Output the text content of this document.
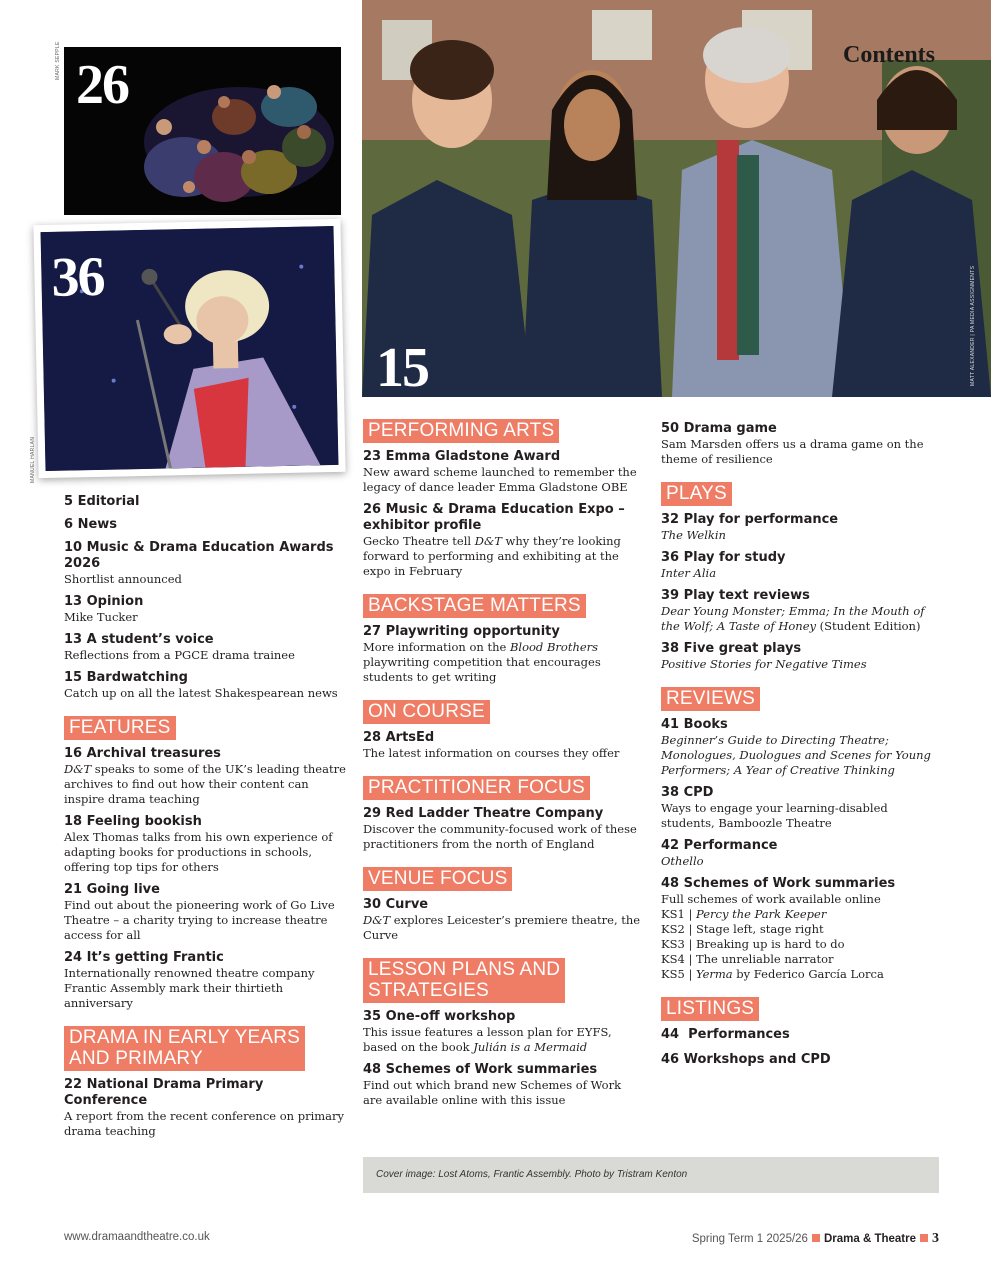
26
MARK SEPPLE
36
MANUEL HARLAN
Contents
15	MATT ALEXANDER | PA MEDIA ASSIGNMENTS
5 Editorial
6 News
10 Music & Drama Education Awards 2026
Shortlist announced
13 Opinion
Mike Tucker
13 A student’s voice
Reflections from a PGCE drama trainee
15 Bardwatching
Catch up on all the latest Shakespearean news
FEATURES
16 Archival treasures
D&T speaks to some of the UK’s leading theatre archives to find out how their content can inspire drama teaching
18 Feeling bookish
Alex Thomas talks from his own experience of adapting books for productions in schools, offering top tips for others
21 Going live
Find out about the pioneering work of Go Live Theatre – a charity trying to increase theatre access for all
24 It’s getting Frantic
Internationally renowned theatre company Frantic Assembly mark their thirtieth anniversary
DRAMA IN EARLY YEARS
AND PRIMARY
22 National Drama Primary Conference
A report from the recent conference on primary drama teaching
PERFORMING ARTS
23 Emma Gladstone Award
New award scheme launched to remember the legacy of dance leader Emma Gladstone OBE
26 Music & Drama Education Expo – exhibitor profile
Gecko Theatre tell D&T why they’re looking forward to performing and exhibiting at the expo in February
BACKSTAGE MATTERS
27 Playwriting opportunity
More information on the Blood Brothers playwriting competition that encourages students to get writing
ON COURSE
28 ArtsEd
The latest information on courses they offer
PRACTITIONER FOCUS
29 Red Ladder Theatre Company
Discover the community-focused work of these practitioners from the north of England
VENUE FOCUS
30 Curve
D&T explores Leicester’s premiere theatre, the Curve
LESSON PLANS AND
STRATEGIES
35 One-off workshop
This issue features a lesson plan for EYFS, based on the book Julián is a Mermaid
48 Schemes of Work summaries
Find out which brand new Schemes of Work are available online with this issue
50 Drama game
Sam Marsden offers us a drama game on the theme of resilience
PLAYS
32 Play for performance
The Welkin
36 Play for study
Inter Alia
39 Play text reviews
Dear Young Monster; Emma; In the Mouth of the Wolf; A Taste of Honey (Student Edition)
38 Five great plays
Positive Stories for Negative Times
REVIEWS
41 Books
Beginner’s Guide to Directing Theatre; Monologues, Duologues and Scenes for Young Performers; A Year of Creative Thinking
38 CPD
Ways to engage your learning-disabled students, Bamboozle Theatre
42 Performance
Othello
48 Schemes of Work summaries
Full schemes of work available online
KS1 | Percy the Park Keeper
KS2 | Stage left, stage right
KS3 | Breaking up is hard to do
KS4 | The unreliable narrator
KS5 | Yerma by Federico García Lorca
LISTINGS
44  Performances
46 Workshops and CPD
Cover image: Lost Atoms, Frantic Assembly. Photo by Tristram Kenton
www.dramaandtheatre.co.uk	Spring Term 1 2025/26 Drama & Theatre 3
